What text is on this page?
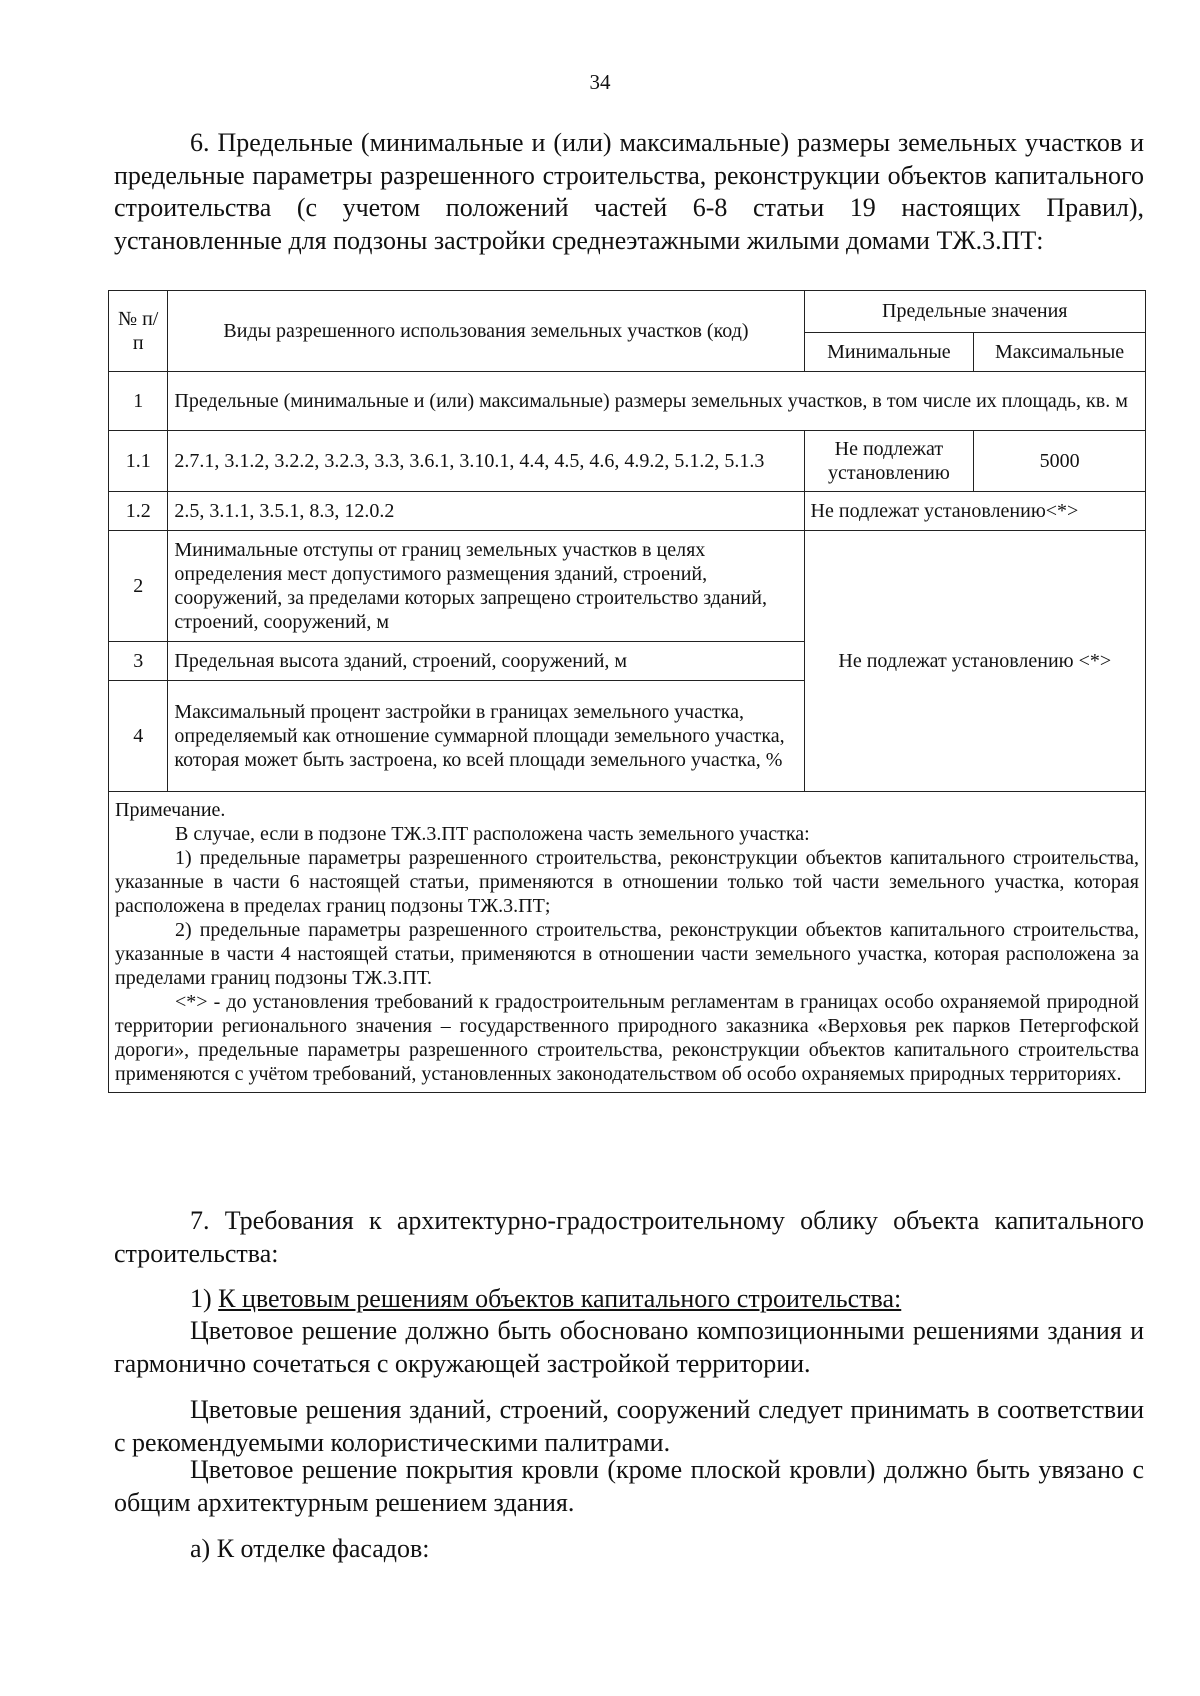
34

6. Предельные (минимальные и (или) максимальные) размеры земельных участков и предельные параметры разрешенного строительства, реконструкции объектов капитального строительства (с учетом положений частей 6-8 статьи 19 настоящих Правил), установленные для подзоны застройки среднеэтажными жилыми домами ТЖ.3.ПТ:

№ п/п	Виды разрешенного использования земельных участков (код)	Предельные значения	
		Минимальные	Максимальные
1	Предельные (минимальные и (или) максимальные) размеры земельных участков, в том числе их площадь, кв. м		
1.1	2.7.1, 3.1.2, 3.2.2, 3.2.3, 3.3, 3.6.1, 3.10.1, 4.4, 4.5, 4.6, 4.9.2, 5.1.2, 5.1.3	Не подлежат установлению	5000
1.2	2.5, 3.1.1, 3.5.1, 8.3, 12.0.2	Не подлежат установлению<*>	
2	Минимальные отступы от границ земельных участков в целях определения мест допустимого размещения зданий, строений, сооружений, за пределами которых запрещено строительство зданий, строений, сооружений, м	Не подлежат установлению <*>	
3	Предельная высота зданий, строений, сооружений, м		
4	Максимальный процент застройки в границах земельного участка, определяемый как отношение суммарной площади земельного участка, которая может быть застроена, ко всей площади земельного участка, %		

Примечание.

В случае, если в подзоне ТЖ.3.ПТ расположена часть земельного участка:

1) предельные параметры разрешенного строительства, реконструкции объектов капитального строительства, указанные в части 6 настоящей статьи, применяются в отношении только той части земельного участка, которая расположена в пределах границ подзоны ТЖ.3.ПТ;

2) предельные параметры разрешенного строительства, реконструкции объектов капитального строительства, указанные в части 4 настоящей статьи, применяются в отношении части земельного участка, которая расположена за пределами границ подзоны ТЖ.3.ПТ.

<*> - до установления требований к градостроительным регламентам в границах особо охраняемой природной территории регионального значения – государственного природного заказника «Верховья рек парков Петергофской дороги», предельные параметры разрешенного строительства, реконструкции объектов капитального строительства применяются с учётом требований, установленных законодательством об особо охраняемых природных территориях.			

7. Требования к архитектурно-градостроительному облику объекта капитального строительства:

1) К цветовым решениям объектов капитального строительства:

Цветовое решение должно быть обосновано композиционными решениями здания и гармонично сочетаться с окружающей застройкой территории.

Цветовые решения зданий, строений, сооружений следует принимать в соответствии с рекомендуемыми колористическими палитрами.

Цветовое решение покрытия кровли (кроме плоской кровли) должно быть увязано с общим архитектурным решением здания.

а) К отделке фасадов:
